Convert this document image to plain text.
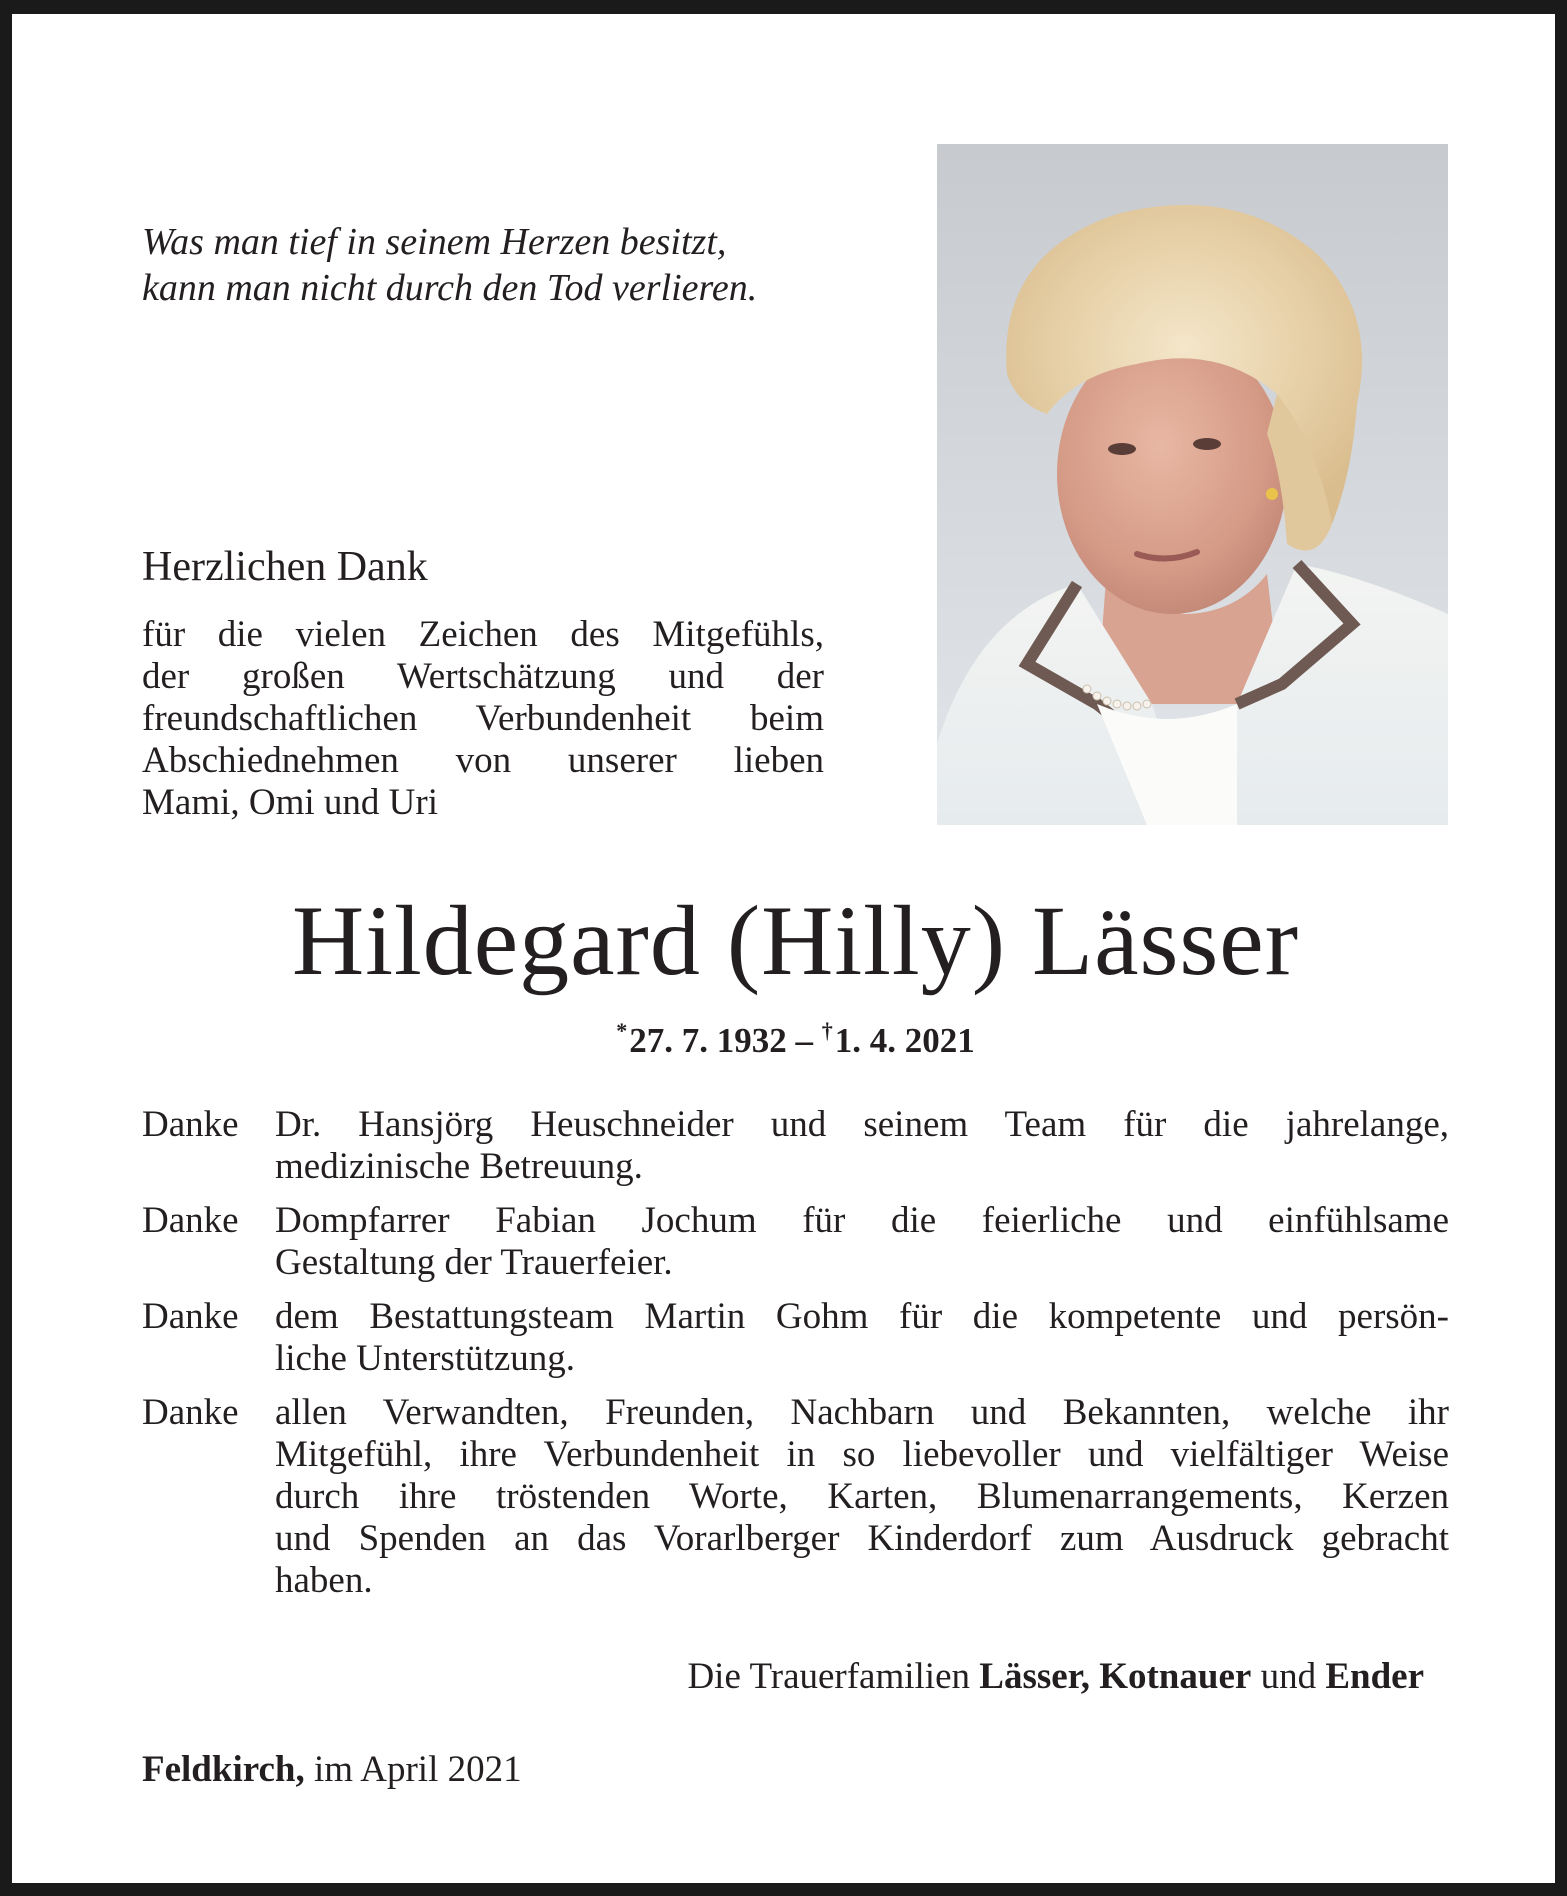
Was man tief in seinem Herzen besitzt,
kann man nicht durch den Tod verlieren.
Herzlichen Dank
für die vielen Zeichen des Mitgefühls,
der großen Wertschätzung und der
freundschaftlichen Verbundenheit beim
Abschiednehmen von unserer lieben
Mami, Omi und Uri
Hildegard (Hilly) Lässer
*27. 7. 1932 – †1. 4. 2021
Danke Dr. Hansjörg Heuschneider und seinem Team für die jahrelange,
medizinische Betreuung.
Danke Dompfarrer Fabian Jochum für die feierliche und einfühlsame
Gestaltung der Trauerfeier.
Danke dem Bestattungsteam Martin Gohm für die kompetente und persön-
liche Unterstützung.
Danke allen Verwandten, Freunden, Nachbarn und Bekannten, welche ihr
Mitgefühl, ihre Verbundenheit in so liebevoller und vielfältiger Weise
durch ihre tröstenden Worte, Karten, Blumenarrangements, Kerzen
und Spenden an das Vorarlberger Kinderdorf zum Ausdruck gebracht
haben.
Die Trauerfamilien Lässer, Kotnauer und Ender
Feldkirch, im April 2021
